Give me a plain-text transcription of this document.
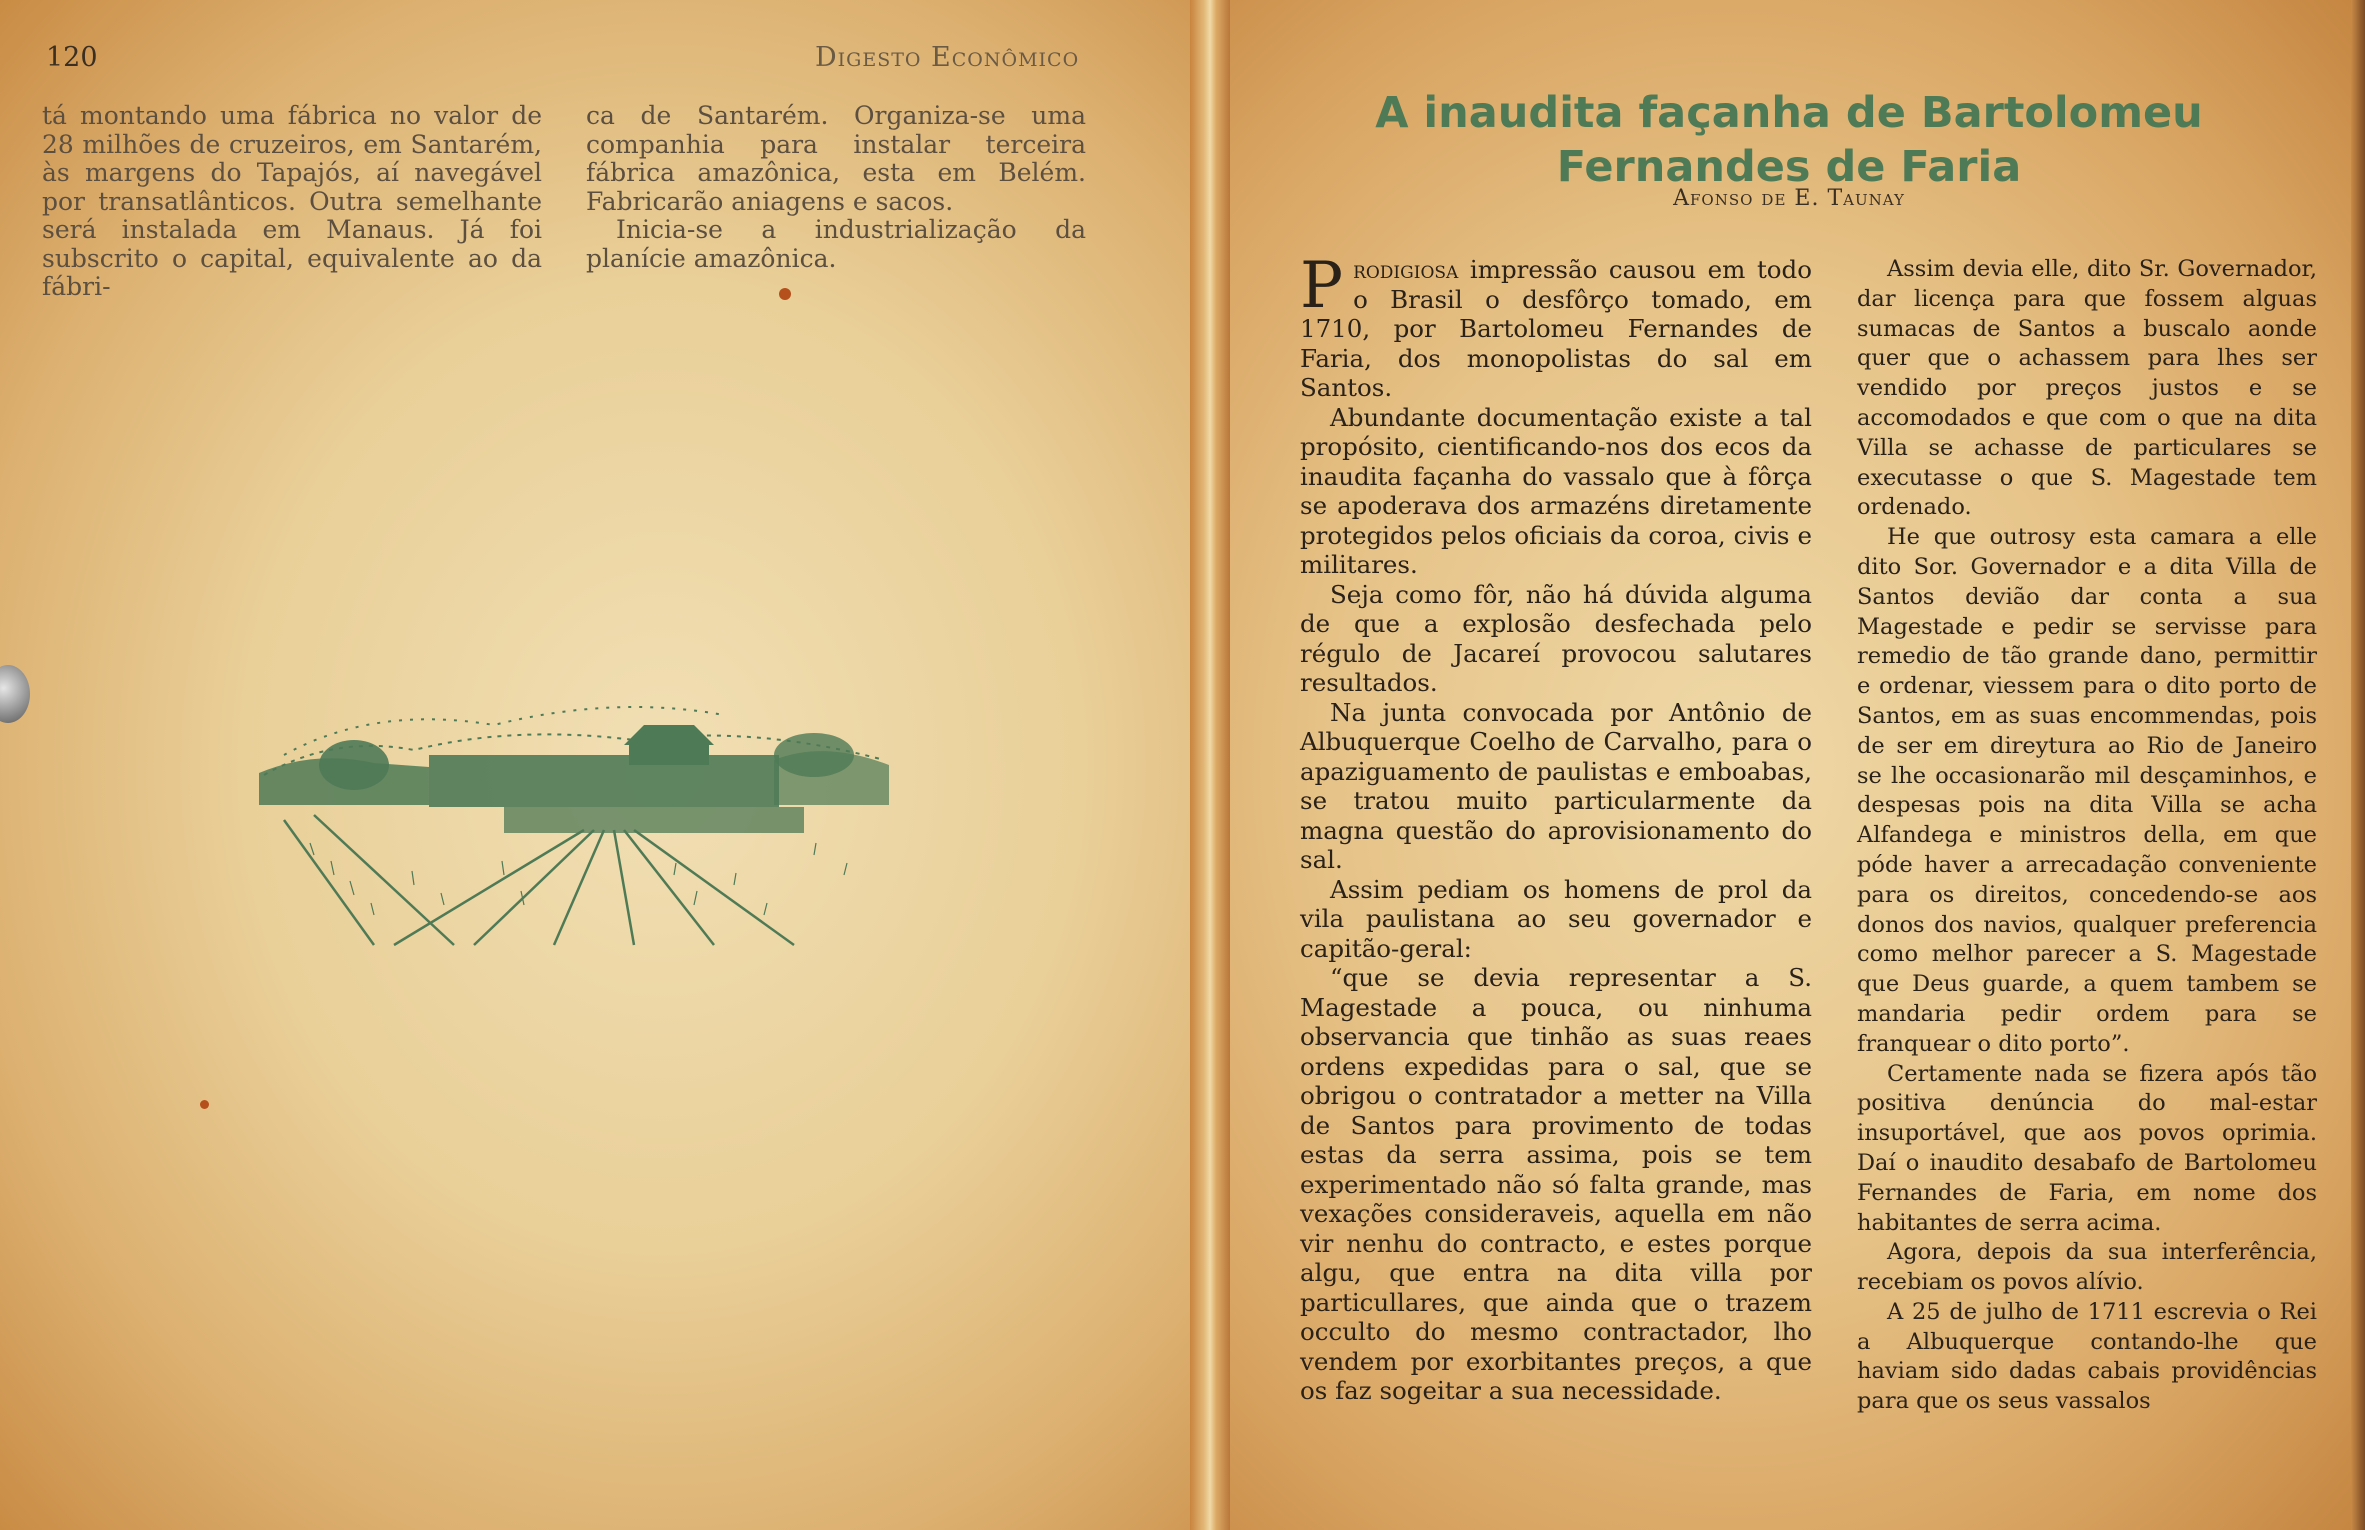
120	Digesto Econômico

tá montando uma fábrica no valor de 28 milhões de cruzeiros, em Santarém, às margens do Tapajós, aí navegável por transatlânticos. Outra semelhante será instalada em Manaus. Já foi subscrito o capital, equivalente ao da fábri-

ca de Santarém. Organiza-se uma companhia para instalar terceira fábrica amazônica, esta em Belém. Fabricarão aniagens e sacos.

Inicia-se a industrialização da planície amazônica.

A inaudita façanha de Bartolomeu
Fernandes de Faria
Afonso de E. Taunay

Prodigiosa impressão causou em todo o Brasil o desfôrço tomado, em 1710, por Bartolomeu Fernandes de Faria, dos monopolistas do sal em Santos.

Abundante documentação existe a tal propósito, cientificando-nos dos ecos da inaudita façanha do vassalo que à fôrça se apoderava dos armazéns diretamente protegidos pelos oficiais da coroa, civis e militares.

Seja como fôr, não há dúvida alguma de que a explosão desfechada pelo régulo de Jacareí provocou salutares resultados.

Na junta convocada por Antônio de Albuquerque Coelho de Carvalho, para o apaziguamento de paulistas e emboabas, se tratou muito particularmente da magna questão do aprovisionamento do sal.

Assim pediam os homens de prol da vila paulistana ao seu governador e capitão-geral:

“que se devia representar a S. Magestade a pouca, ou ninhuma observancia que tinhão as suas reaes ordens expedidas para o sal, que se obrigou o contratador a metter na Villa de Santos para provimento de todas estas da serra assima, pois se tem experimentado não só falta grande, mas vexações consideraveis, aquella em não vir nenhu do contracto, e estes porque algu, que entra na dita villa por particullares, que ainda que o trazem occulto do mesmo contractador, lho vendem por exorbitantes preços, a que os faz sogeitar a sua necessidade.

Assim devia elle, dito Sr. Governador, dar licença para que fossem alguas sumacas de Santos a buscalo aonde quer que o achassem para lhes ser vendido por preços justos e se accomodados e que com o que na dita Villa se achasse de particulares se executasse o que S. Magestade tem ordenado.

He que outrosy esta camara a elle dito Sor. Governador e a dita Villa de Santos devião dar conta a sua Magestade e pedir se servisse para remedio de tão grande dano, permittir e ordenar, viessem para o dito porto de Santos, em as suas encommendas, pois de ser em direytura ao Rio de Janeiro se lhe occasionarão mil desçaminhos, e despesas pois na dita Villa se acha Alfandega e ministros della, em que póde haver a arrecadação conveniente para os direitos, concedendo-se aos donos dos navios, qualquer preferencia como melhor parecer a S. Magestade que Deus guarde, a quem tambem se mandaria pedir ordem para se franquear o dito porto”.

Certamente nada se fizera após tão positiva denúncia do mal-estar insuportável, que aos povos oprimia. Daí o inaudito desabafo de Bartolomeu Fernandes de Faria, em nome dos habitantes de serra acima.

Agora, depois da sua interferência, recebiam os povos alívio.

A 25 de julho de 1711 escrevia o Rei a Albuquerque contando-lhe que haviam sido dadas cabais providências para que os seus vassalos
